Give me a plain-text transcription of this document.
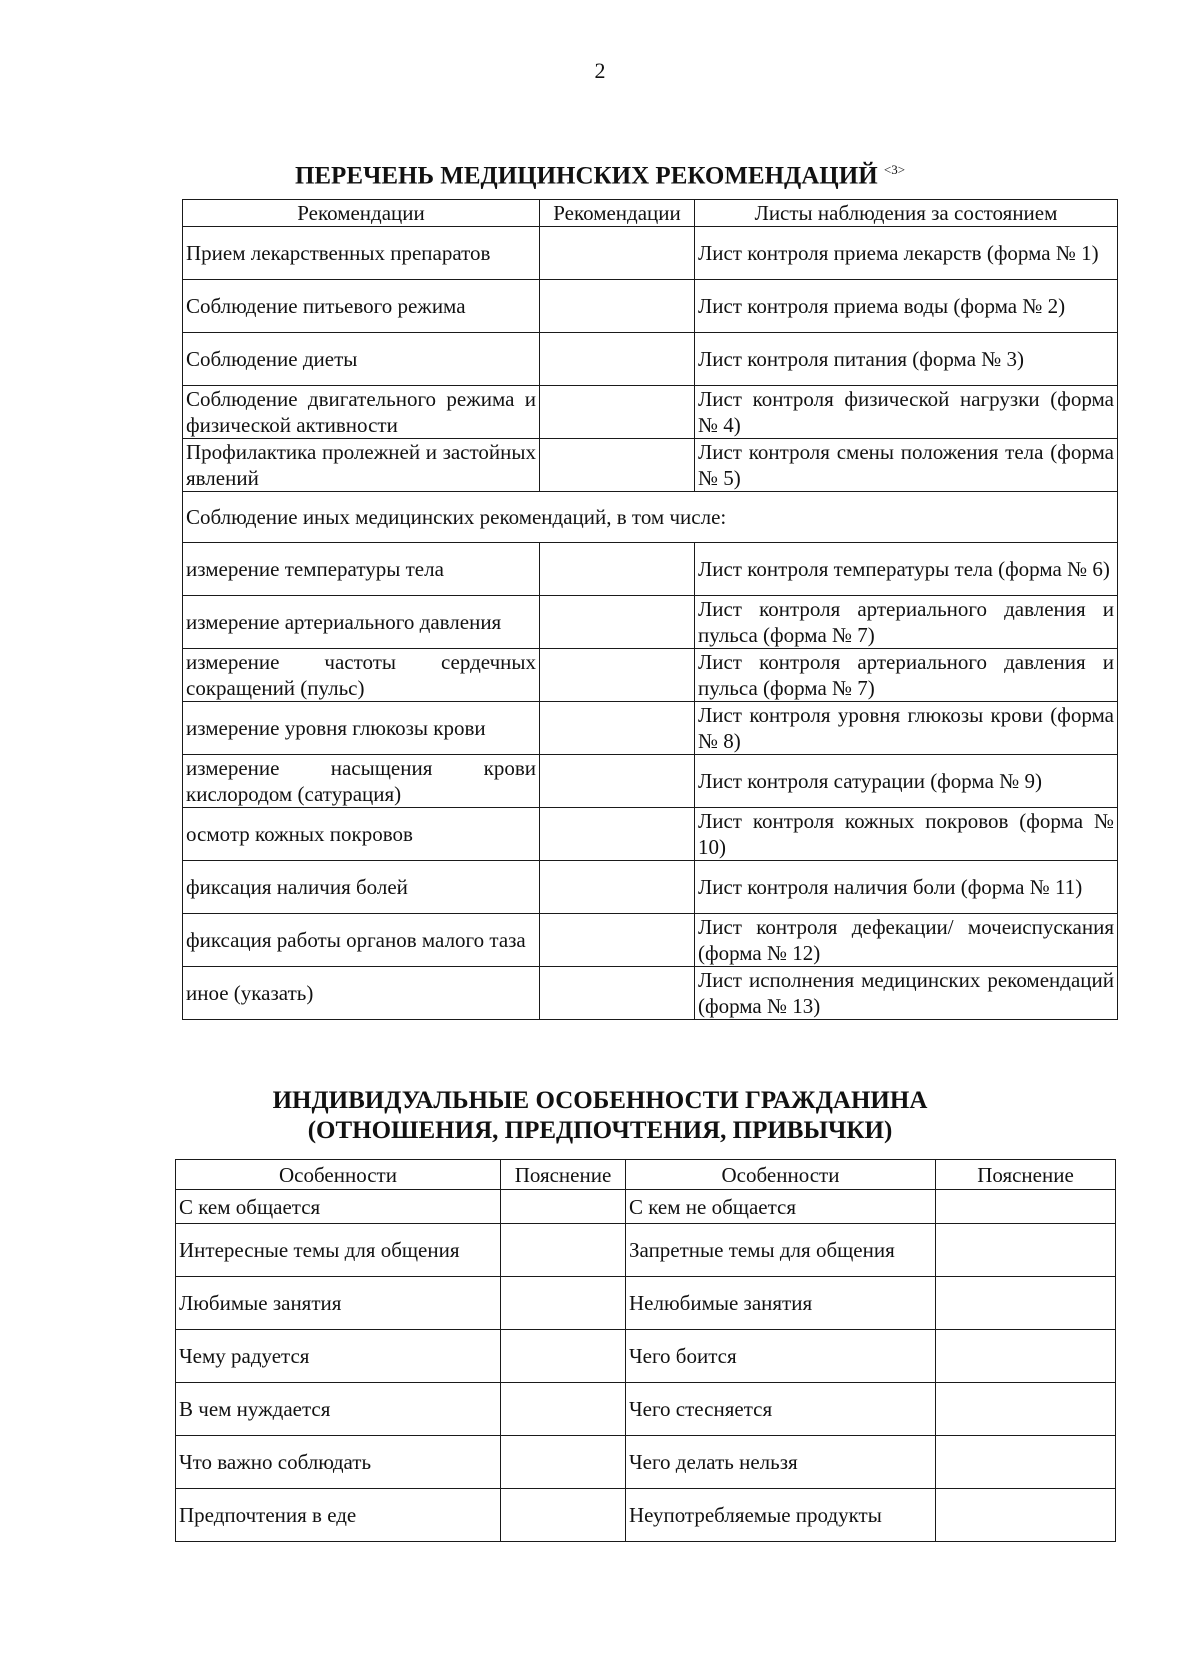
2
ПЕРЕЧЕНЬ МЕДИЦИНСКИХ РЕКОМЕНДАЦИЙ $^{<3>}$
Рекомендации	Рекомендации	Листы наблюдения за состоянием
Прием лекарственных препаратов		Лист контроля приема лекарств (форма № 1)
Соблюдение питьевого режима		Лист контроля приема воды (форма № 2)
Соблюдение диеты		Лист контроля питания (форма № 3)
Соблюдение двигательного режима и физической активности		Лист контроля физической нагрузки (форма № 4)
Профилактика пролежней и застойных явлений		Лист контроля смены положения тела (форма № 5)
Соблюдение иных медицинских рекомендаций, в том числе:		
измерение температуры тела		Лист контроля температуры тела (форма № 6)
измерение артериального давления		Лист контроля артериального давления и пульса (форма № 7)
измерение частоты сердечных сокращений (пульс)		Лист контроля артериального давления и пульса (форма № 7)
измерение уровня глюкозы крови		Лист контроля уровня глюкозы крови (форма № 8)
измерение насыщения крови кислородом (сатурация)		Лист контроля сатурации (форма № 9)
осмотр кожных покровов		Лист контроля кожных покровов (форма № 10)
фиксация наличия болей		Лист контроля наличия боли (форма № 11)
фиксация работы органов малого таза		Лист контроля дефекации/ мочеиспускания (форма № 12)
иное (указать)		Лист исполнения медицинских рекомендаций (форма № 13)
ИНДИВИДУАЛЬНЫЕ ОСОБЕННОСТИ ГРАЖДАНИНА
(ОТНОШЕНИЯ, ПРЕДПОЧТЕНИЯ, ПРИВЫЧКИ)
Особенности	Пояснение	Особенности	Пояснение
С кем общается		С кем не общается	
Интересные темы для общения		Запретные темы для общения	
Любимые занятия		Нелюбимые занятия	
Чему радуется		Чего боится	
В чем нуждается		Чего стесняется	
Что важно соблюдать		Чего делать нельзя	
Предпочтения в еде		Неупотребляемые продукты	
